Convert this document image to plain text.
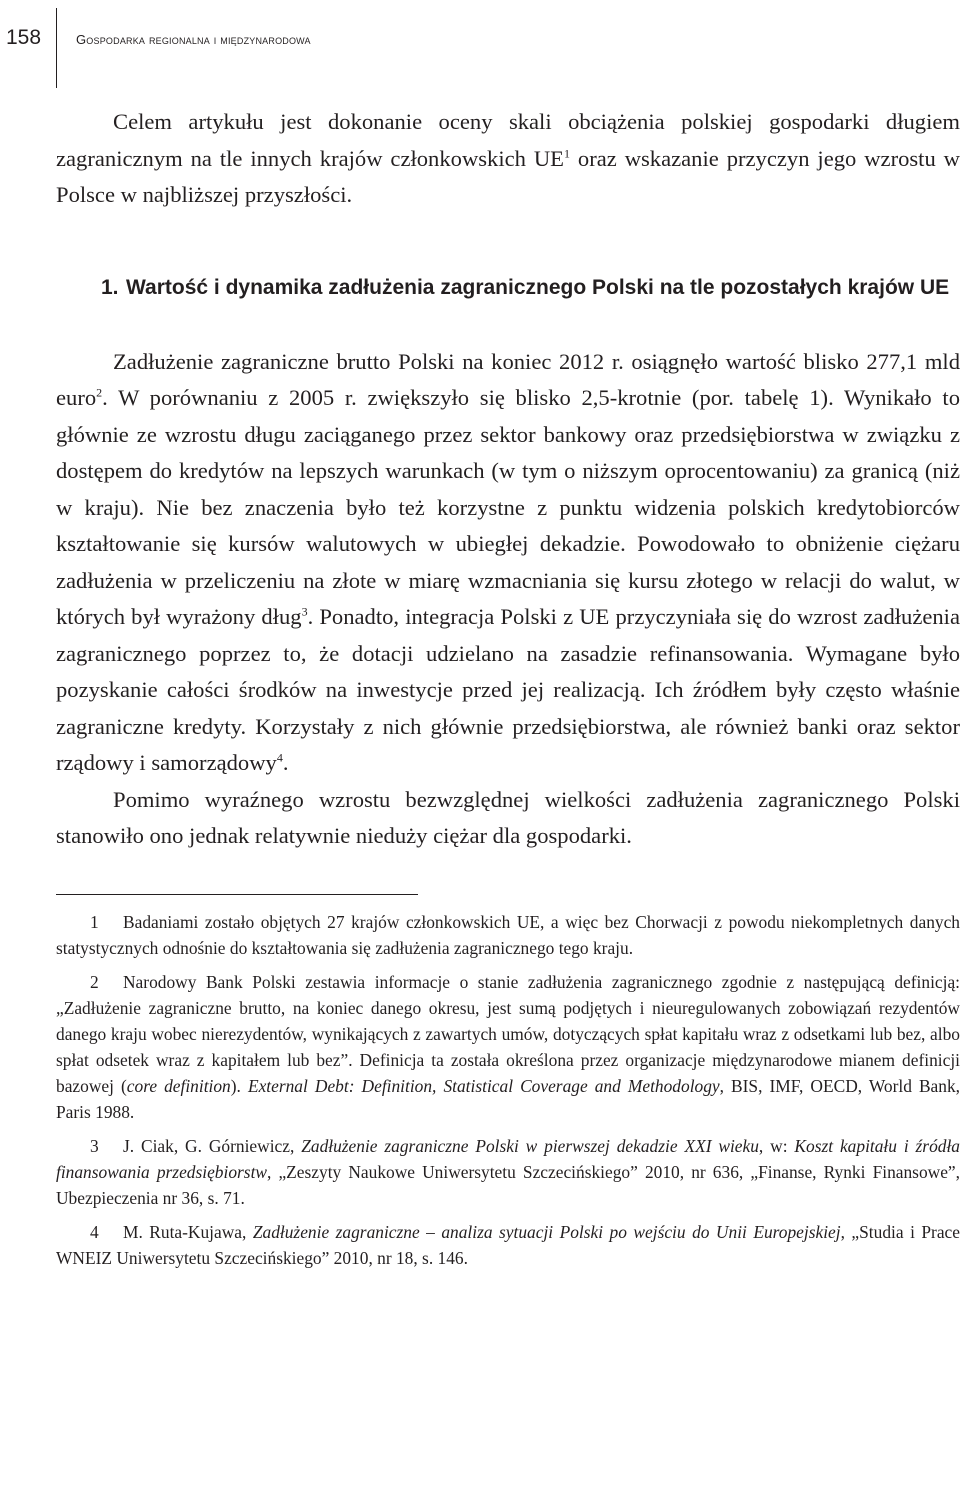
158	Gospodarka regionalna i międzynarodowa

Celem artykułu jest dokonanie oceny skali obciążenia polskiej gospodarki długiem zagranicznym na tle innych krajów członkowskich $UE^1$ oraz wskazanie przyczyn jego wzrostu w Polsce w najbliższej przyszłości.

1. Wartość i dynamika zadłużenia zagranicznego Polski na tle pozostałych krajów UE

Zadłużenie zagraniczne brutto Polski na koniec 2012 r. osiągnęło wartość blisko 277,1 mld euro$^2$. W porównaniu z 2005 r. zwiększyło się blisko 2,5-krotnie (por. tabelę 1). Wynikało to głównie ze wzrostu długu zaciąganego przez sektor bankowy oraz przedsiębiorstwa w związku z dostępem do kredytów na lepszych warunkach (w tym o niższym oprocentowaniu) za granicą (niż w kraju). Nie bez znaczenia było też korzystne z punktu widzenia polskich kredytobiorców kształtowanie się kursów walutowych w ubiegłej dekadzie. Powodowało to obniżenie ciężaru zadłużenia w przeliczeniu na złote w miarę wzmacniania się kursu złotego w relacji do walut, w których był wyrażony dług$^3$. Ponadto, integracja Polski z UE przyczyniała się do wzrost zadłużenia zagranicznego poprzez to, że dotacji udzielano na zasadzie refinansowania. Wymagane było pozyskanie całości środków na inwestycje przed jej realizacją. Ich źródłem były często właśnie zagraniczne kredyty. Korzystały z nich głównie przedsiębiorstwa, ale również banki oraz sektor rządowy i samorządowy$^4$.

Pomimo wyraźnego wzrostu bezwzględnej wielkości zadłużenia zagranicznego Polski stanowiło ono jednak relatywnie nieduży ciężar dla gospodarki.

1 Badaniami zostało objętych 27 krajów członkowskich UE, a więc bez Chorwacji z powodu niekompletnych danych statystycznych odnośnie do kształtowania się zadłużenia zagranicznego tego kraju.

2 Narodowy Bank Polski zestawia informacje o stanie zadłużenia zagranicznego zgodnie z następującą definicją: „Zadłużenie zagraniczne brutto, na koniec danego okresu, jest sumą podjętych i nieuregulowanych zobowiązań rezydentów danego kraju wobec nierezydentów, wynikających z zawartych umów, dotyczących spłat kapitału wraz z odsetkami lub bez, albo spłat odsetek wraz z kapitałem lub bez”. Definicja ta została określona przez organizacje międzynarodowe mianem definicji bazowej (core definition). External Debt: Definition, Statistical Coverage and Methodology, BIS, IMF, OECD, World Bank, Paris 1988.

3 J. Ciak, G. Górniewicz, Zadłużenie zagraniczne Polski w pierwszej dekadzie XXI wieku, w: Koszt kapitału i źródła finansowania przedsiębiorstw, „Zeszyty Naukowe Uniwersytetu Szczecińskiego” 2010, nr 636, „Finanse, Rynki Finansowe”, Ubezpieczenia nr 36, s. 71.

4 M. Ruta-Kujawa, Zadłużenie zagraniczne – analiza sytuacji Polski po wejściu do Unii Europejskiej, „Studia i Prace WNEIZ Uniwersytetu Szczecińskiego” 2010, nr 18, s. 146.
